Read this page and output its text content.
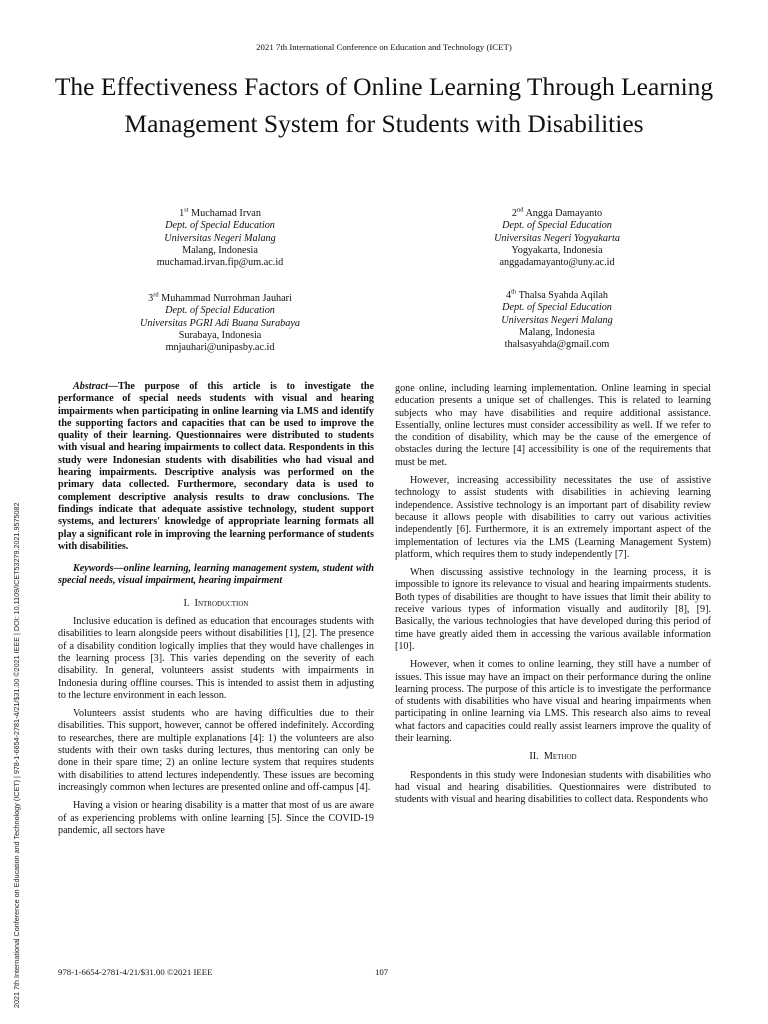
2021 7th International Conference on Education and Technology (ICET)
The Effectiveness Factors of Online Learning Through Learning Management System for Students with Disabilities
1st Muchamad Irvan
Dept. of Special Education
Universitas Negeri Malang
Malang, Indonesia
muchamad.irvan.fip@um.ac.id
2nd Angga Damayanto
Dept. of Special Education
Universitas Negeri Yogyakarta
Yogyakarta, Indonesia
anggadamayanto@uny.ac.id
3rd Muhammad Nurrohman Jauhari
Dept. of Special Education
Universitas PGRI Adi Buana Surabaya
Surabaya, Indonesia
mnjauhari@unipasby.ac.id
4th Thalsa Syahda Aqilah
Dept. of Special Education
Universitas Negeri Malang
Malang, Indonesia
thalsasyahda@gmail.com
2021 7th International Conference on Education and Technology (ICET) | 978-1-6654-2781-4/21/$31.00 ©2021 IEEE | DOI: 10.1109/ICET53279.2021.9575082

Abstract—The purpose of this article is to investigate the performance of special needs students with visual and hearing impairments when participating in online learning via LMS and identify the supporting factors and capacities that can be used to improve the quality of their learning. Questionnaires were distributed to students with visual and hearing impairments to collect data. Respondents in this study were Indonesian students with disabilities who had visual and hearing impairments. Descriptive analysis was performed on the primary data collected. Furthermore, secondary data is used to complement descriptive analysis results to draw conclusions. The findings indicate that adequate assistive technology, student support systems, and lecturers' knowledge of appropriate learning formats all play a significant role in improving the learning performance of students with disabilities.

Keywords—online learning, learning management system, student with special needs, visual impairment, hearing impairment

I. Introduction

Inclusive education is defined as education that encourages students with disabilities to learn alongside peers without disabilities [1], [2]. The presence of a disability condition logically implies that they would have challenges in the learning process [3]. This varies depending on the severity of each disability. In general, volunteers assist students with impairments in Indonesia during offline courses. This is intended to assist them in adjusting to the lecture environment in each lesson.

Volunteers assist students who are having difficulties due to their disabilities. This support, however, cannot be offered indefinitely. According to researches, there are multiple explanations [4]: 1) the volunteers are also students with their own tasks during lectures, thus mentoring can only be done in their spare time; 2) an online lecture system that requires students with disabilities to attend lectures independently. These issues are becoming increasingly common when lectures are presented online and off-campus [4].

Having a vision or hearing disability is a matter that most of us are aware of as experiencing problems with online learning [5]. Since the COVID-19 pandemic, all sectors have

gone online, including learning implementation. Online learning in special education presents a unique set of challenges. This is related to learning subjects who may have disabilities and require additional assistance. Essentially, online lectures must consider accessibility as well. If we refer to the condition of disability, which may be the cause of the emergence of obstacles during the lecture [4] accessibility is one of the requirements that must be met.

However, increasing accessibility necessitates the use of assistive technology to assist students with disabilities in achieving learning independence. Assistive technology is an important part of disability review because it allows people with disabilities to carry out various activities independently [6]. Furthermore, it is an extremely important aspect of the implementation of lectures via the LMS (Learning Management System) platform, which requires them to study independently [7].

When discussing assistive technology in the learning process, it is impossible to ignore its relevance to visual and hearing impairments students. Both types of disabilities are thought to have issues that limit their ability to receive various types of information visually and auditorily [8], [9]. Basically, the various technologies that have developed during this period of time have greatly aided them in accessing the various available information [10].

However, when it comes to online learning, they still have a number of issues. This issue may have an impact on their performance during the online learning process. The purpose of this article is to investigate the performance of students with disabilities who have visual and hearing impairments when participating in online learning via LMS. This research also aims to reveal what factors and capacities could really assist learners improve the quality of their learning.

II. Method

Respondents in this study were Indonesian students with disabilities who had visual and hearing disabilities. Questionnaires were distributed to students with visual and hearing disabilities to collect data. Respondents who

978-1-6654-2781-4/21/$31.00 ©2021 IEEE	107
